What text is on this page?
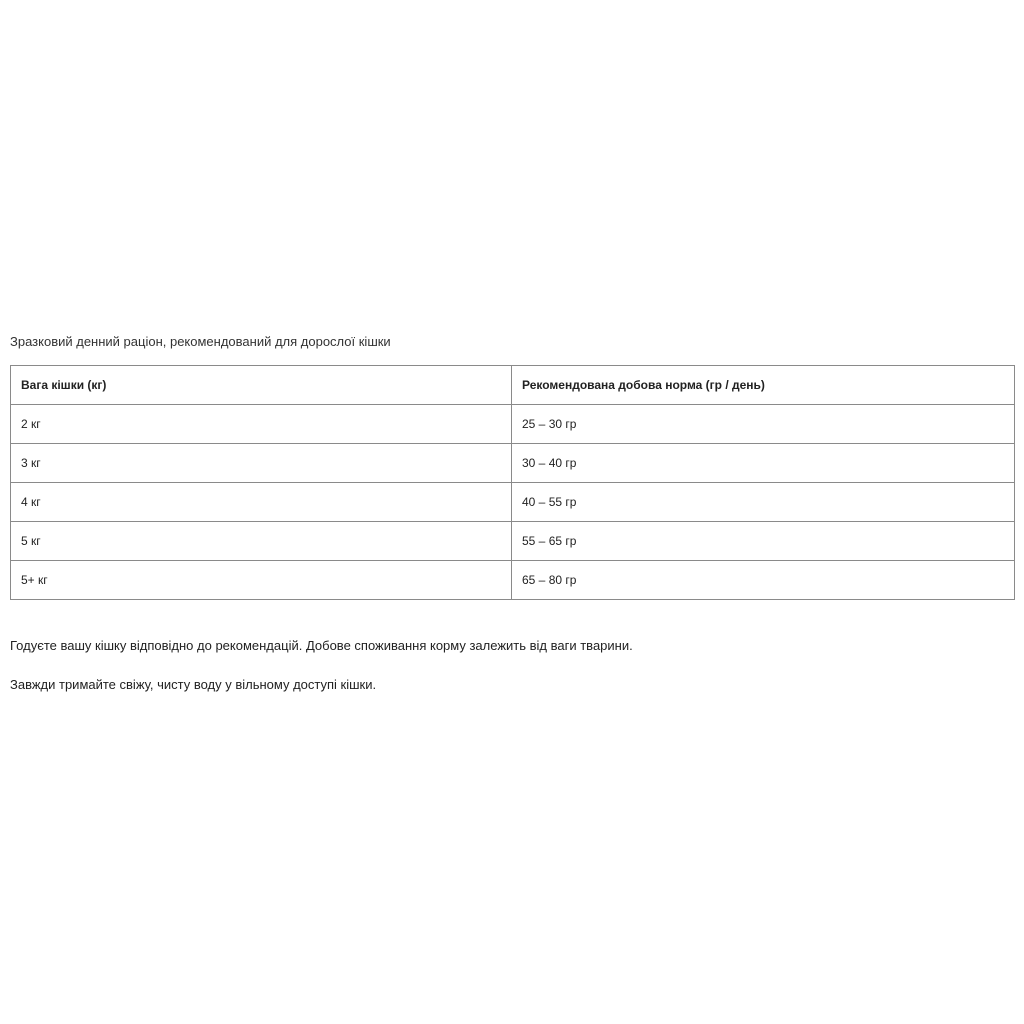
Зразковий денний раціон, рекомендований для дорослої кішки
Вага кішки (кг)	Рекомендована добова норма (гр / день)
2 кг	25 – 30 гр
3 кг	30 – 40 гр
4 кг	40 – 55 гр
5 кг	55 – 65 гр
5+ кг	65 – 80 гр
Годуєте вашу кішку відповідно до рекомендацій. Добове споживання корму залежить від ваги тварини.
Завжди тримайте свіжу, чисту воду у вільному доступі кішки.
